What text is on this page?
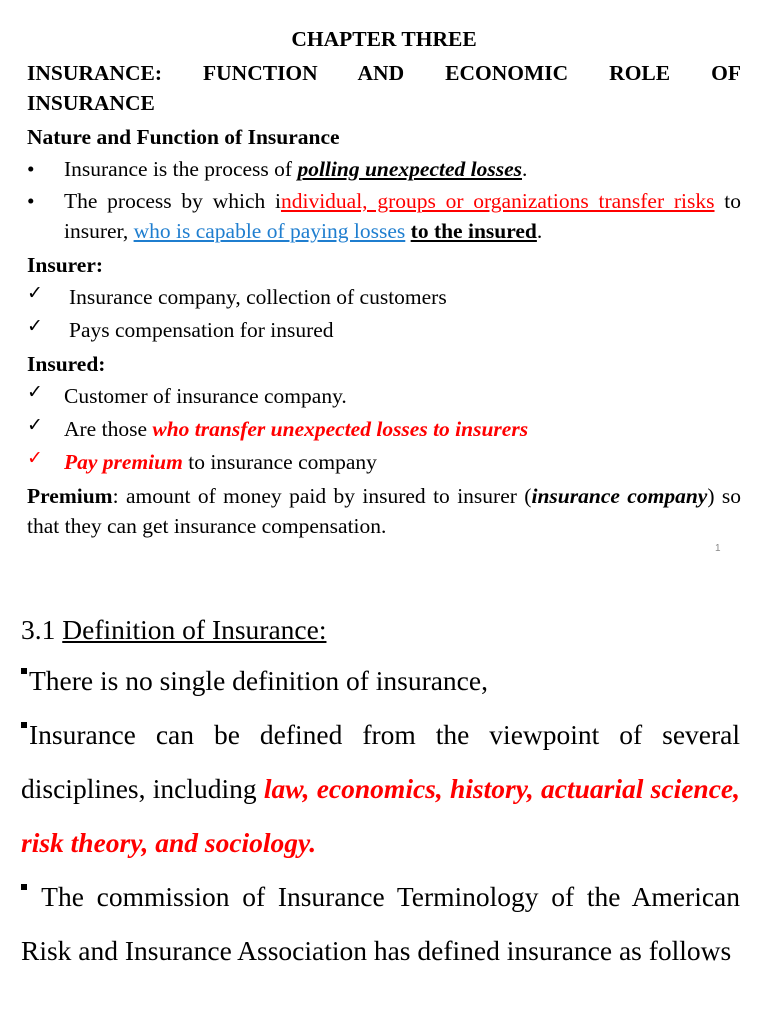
CHAPTER THREE

INSURANCE: FUNCTION AND ECONOMIC ROLE OF

INSURANCE

Nature and Function of Insurance

• Insurance is the process of polling unexpected losses.
• The process by which individual, groups or organizations transfer risks to insurer, who is capable of paying losses to the insured.

Insurer:

✓ Insurance company, collection of customers
✓ Pays compensation for insured

Insured:

✓ Customer of insurance company.
✓ Are those who transfer unexpected losses to insurers
✓ Pay premium to insurance company

Premium: amount of money paid by insured to insurer (insurance company) so that they can get insurance compensation.

1

3.1 Definition of Insurance:

There is no single definition of insurance,

Insurance can be defined from the viewpoint of several disciplines, including law, economics, history, actuarial science, risk theory, and sociology.

The commission of Insurance Terminology of the American Risk and Insurance Association has defined insurance as follows
